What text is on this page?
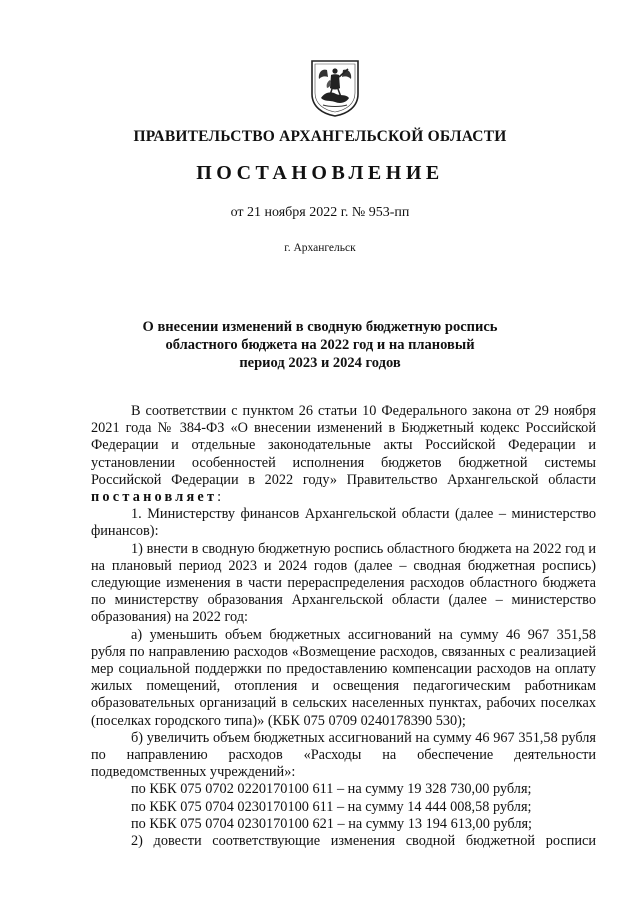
ПРАВИТЕЛЬСТВО АРХАНГЕЛЬСКОЙ ОБЛАСТИ
ПОСТАНОВЛЕНИЕ
от 21 ноября 2022 г. № 953-пп
г. Архангельск
О внесении изменений в сводную бюджетную роспись
областного бюджета на 2022 год и на плановый
период 2023 и 2024 годов
В соответствии с пунктом 26 статьи 10 Федерального закона от 29 ноября 2021 года № 384-ФЗ «О внесении изменений в Бюджетный кодекс Российской Федерации и отдельные законодательные акты Российской Федерации и установлении особенностей исполнения бюджетов бюджетной системы Российской Федерации в 2022 году» Правительство Архангельской области постановляет:
1. Министерству финансов Архангельской области (далее – министерство финансов):
1) внести в сводную бюджетную роспись областного бюджета на 2022 год и на плановый период 2023 и 2024 годов (далее – сводная бюджетная роспись) следующие изменения в части перераспределения расходов областного бюджета по министерству образования Архангельской области (далее – министерство образования) на 2022 год:
а) уменьшить объем бюджетных ассигнований на сумму 46 967 351,58 рубля по направлению расходов «Возмещение расходов, связанных с реализацией мер социальной поддержки по предоставлению компенсации расходов на оплату жилых помещений, отопления и освещения педагогическим работникам образовательных организаций в сельских населенных пунктах, рабочих поселках (поселках городского типа)» (КБК 075 0709 0240178390 530);
б) увеличить объем бюджетных ассигнований на сумму 46 967 351,58 рубля по направлению расходов «Расходы на обеспечение деятельности подведомственных учреждений»:
по КБК 075 0702 0220170100 611 – на сумму 19 328 730,00 рубля;
по КБК 075 0704 0230170100 611 – на сумму 14 444 008,58 рубля;
по КБК 075 0704 0230170100 621 – на сумму 13 194 613,00 рубля;
2) довести соответствующие изменения сводной бюджетной росписи
